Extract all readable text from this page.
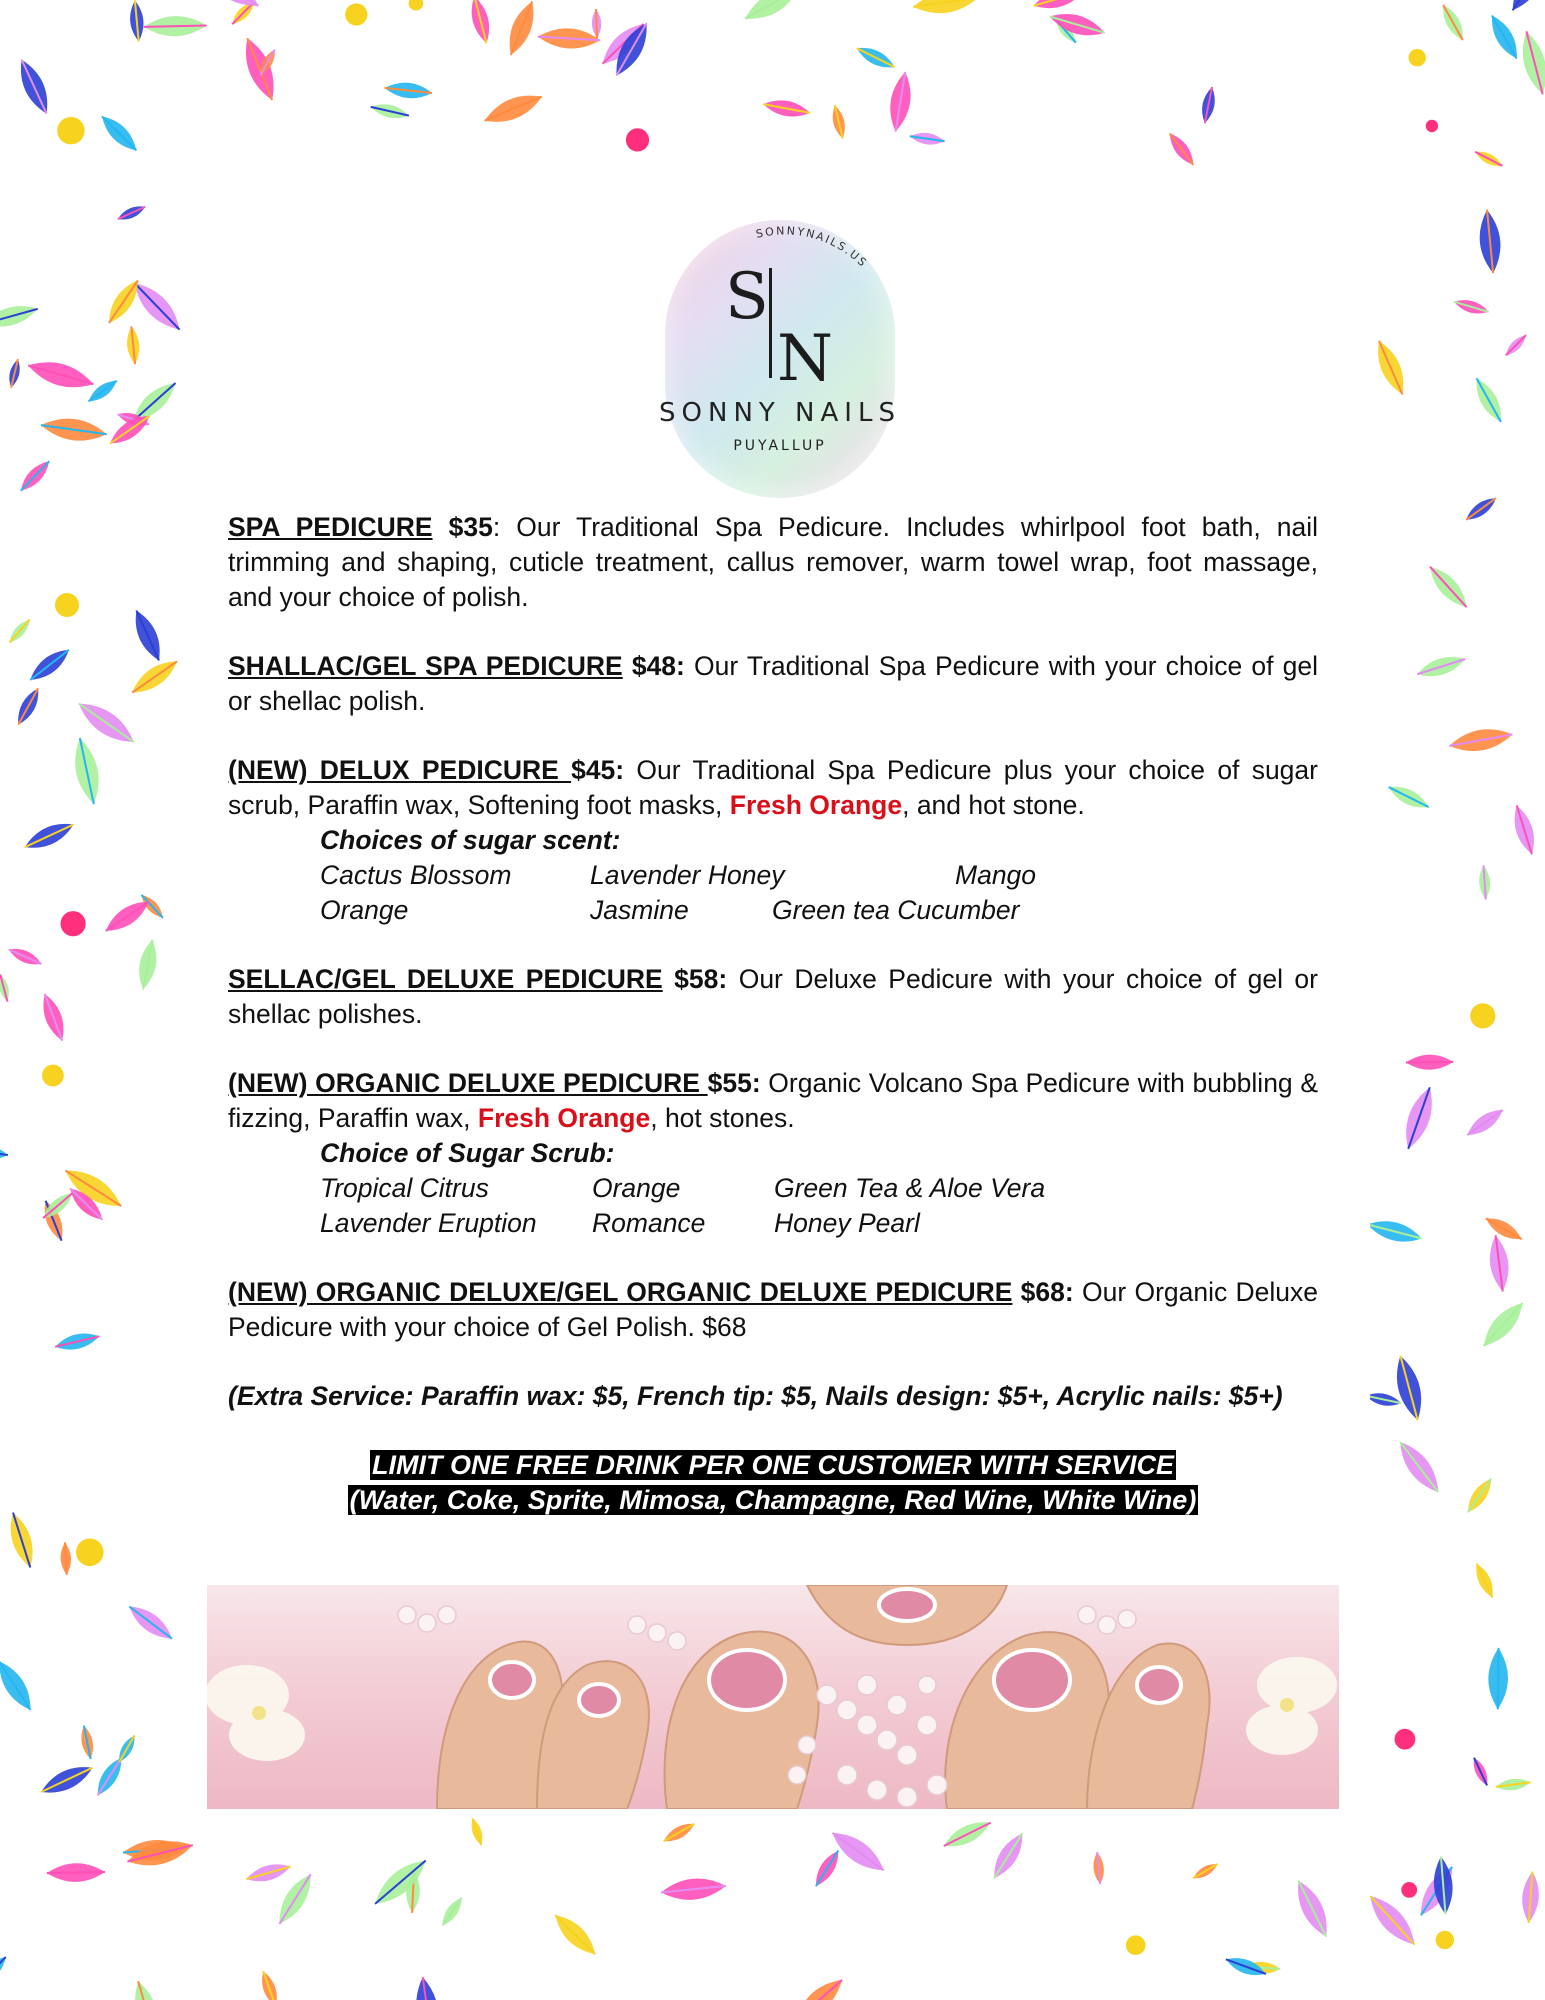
SONNYNAILS.US
S
N
SONNY NAILS
PUYALLUP

SPA PEDICURE $35: Our Traditional Spa Pedicure. Includes whirlpool foot bath, nail trimming and shaping, cuticle treatment, callus remover, warm towel wrap, foot massage, and your choice of polish.

SHALLAC/GEL SPA PEDICURE $48: Our Traditional Spa Pedicure with your choice of gel or shellac polish.

(NEW) DELUX PEDICURE $45: Our Traditional Spa Pedicure plus your choice of sugar scrub, Paraffin wax, Softening foot masks, Fresh Orange, and hot stone.
Choices of sugar scent:
Cactus Blossom	Lavender Honey	Mango
Orange	Jasmine	Green tea Cucumber

SELLAC/GEL DELUXE PEDICURE $58: Our Deluxe Pedicure with your choice of gel or shellac polishes.

(NEW) ORGANIC DELUXE PEDICURE $55: Organic Volcano Spa Pedicure with bubbling & fizzing, Paraffin wax, Fresh Orange, hot stones.
Choice of Sugar Scrub:
Tropical Citrus	Orange	Green Tea & Aloe Vera
Lavender Eruption	Romance	Honey Pearl

(NEW) ORGANIC DELUXE/GEL ORGANIC DELUXE PEDICURE $68: Our Organic Deluxe Pedicure with your choice of Gel Polish. $68

(Extra Service: Paraffin wax: $5, French tip: $5, Nails design: $5+, Acrylic nails: $5+)

LIMIT ONE FREE DRINK PER ONE CUSTOMER WITH SERVICE
(Water, Coke, Sprite, Mimosa, Champagne, Red Wine, White Wine)
